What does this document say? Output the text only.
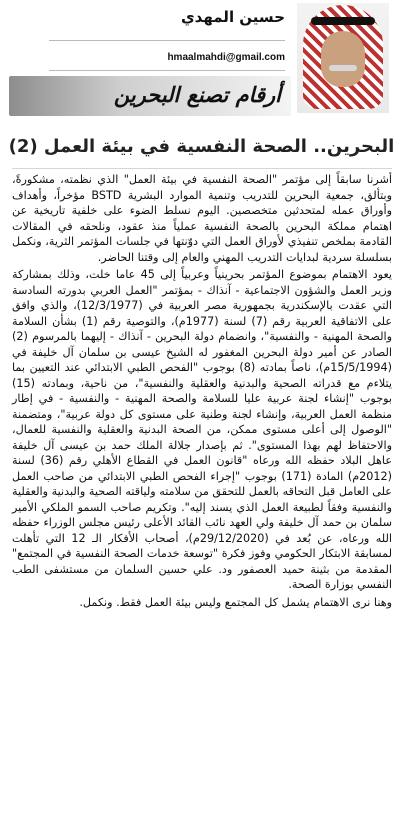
حسين المهدي
hmaalmahdi@gmail.com
أرقام تصنع البحرين
البحرين.. الصحة النفسية في بيئة العمل (2)

أشرنا سابقاً إلى مؤتمر "الصحة النفسية في بيئة العمل" الذي نظمته، مشكورةً، وبتألق، جمعية البحرين للتدريب وتنمية الموارد البشرية BSTD مؤخراً، وأهداف وأوراق عمله لمتحدثين متخصصين. اليوم نسلط الضوء على خلفية تاريخية عن اهتمام مملكة البحرين بالصحة النفسية عملياً منذ عقود، ونلحقه في المقالات القادمة بملخص تنفيذي لأوراق العمل التي دوّنتها في جلسات المؤتمر الثرية، ونكمل بسلسلة سردية لبدايات التدريب المهني والعام إلى وقتنا الحاضر.

يعود الاهتمام بموضوع المؤتمر بحرينياً وعربياً إلى 45 عاما خلت، وذلك بمشاركة وزير العمل والشؤون الاجتماعية - آنذاك - بمؤتمر "العمل العربي بدورته السادسة التي عقدت بالإسكندرية بجمهورية مصر العربية في (12/3/1977)، والذي وافق على الاتفاقية العربية رقم (7) لسنة (1977م)، والتوصية رقم (1) بشأن السلامة والصحة المهنية - والنفسية"، وانضمام دولة البحرين - آنذاك - إليهما بالمرسوم (2) الصادر عن أمير دولة البحرين المغفور له الشيخ عيسى بن سلمان آل خليفة في (15/5/1994م)، ناصاً بمادته (8) بوجوب "الفحص الطبي الابتدائي عند التعيين بما يتلاءم مع قدراته الصحية والبدنية والعقلية والنفسية"، من ناحية، وبمادته (15) بوجوب "إنشاء لجنة عربية عليا للسلامة والصحة المهنية - والنفسية - في إطار منظمة العمل العربية، وإنشاء لجنة وطنية على مستوى كل دولة عربية"، ومتضمنة "الوصول إلى أعلى مستوى ممكن، من الصحة البدنية والعقلية والنفسية للعمال، والاحتفاظ لهم بهذا المستوى". ثم بإصدار جلالة الملك حمد بن عيسى آل خليفة عاهل البلاد حفظه الله ورعاه "قانون العمل في القطاع الأهلي رقم (36) لسنة (2012م) المادة (171) بوجوب "إجراء الفحص الطبي الابتدائي من صاحب العمل على العامل قبل التحاقه بالعمل للتحقق من سلامته ولياقته الصحية والبدنية والعقلية والنفسية وفقاً لطبيعة العمل الذي يسند إليه". وتكريم صاحب السمو الملكي الأمير سلمان بن حمد آل خليفة ولي العهد نائب القائد الأعلى رئيس مجلس الوزراء حفظه الله ورعاه، عن بُعد في (29/12/2020م)، أصحاب الأفكار الـ 12 التي تأهلت لمسابقة الابتكار الحكومي وفوز فكرة "توسعة خدمات الصحة النفسية في المجتمع" المقدمة من بثينة حميد العصفور ود. علي حسين السلمان من مستشفى الطب النفسي بوزارة الصحة.

وهنا نرى الاهتمام يشمل كل المجتمع وليس بيئة العمل فقط. ونكمل.
